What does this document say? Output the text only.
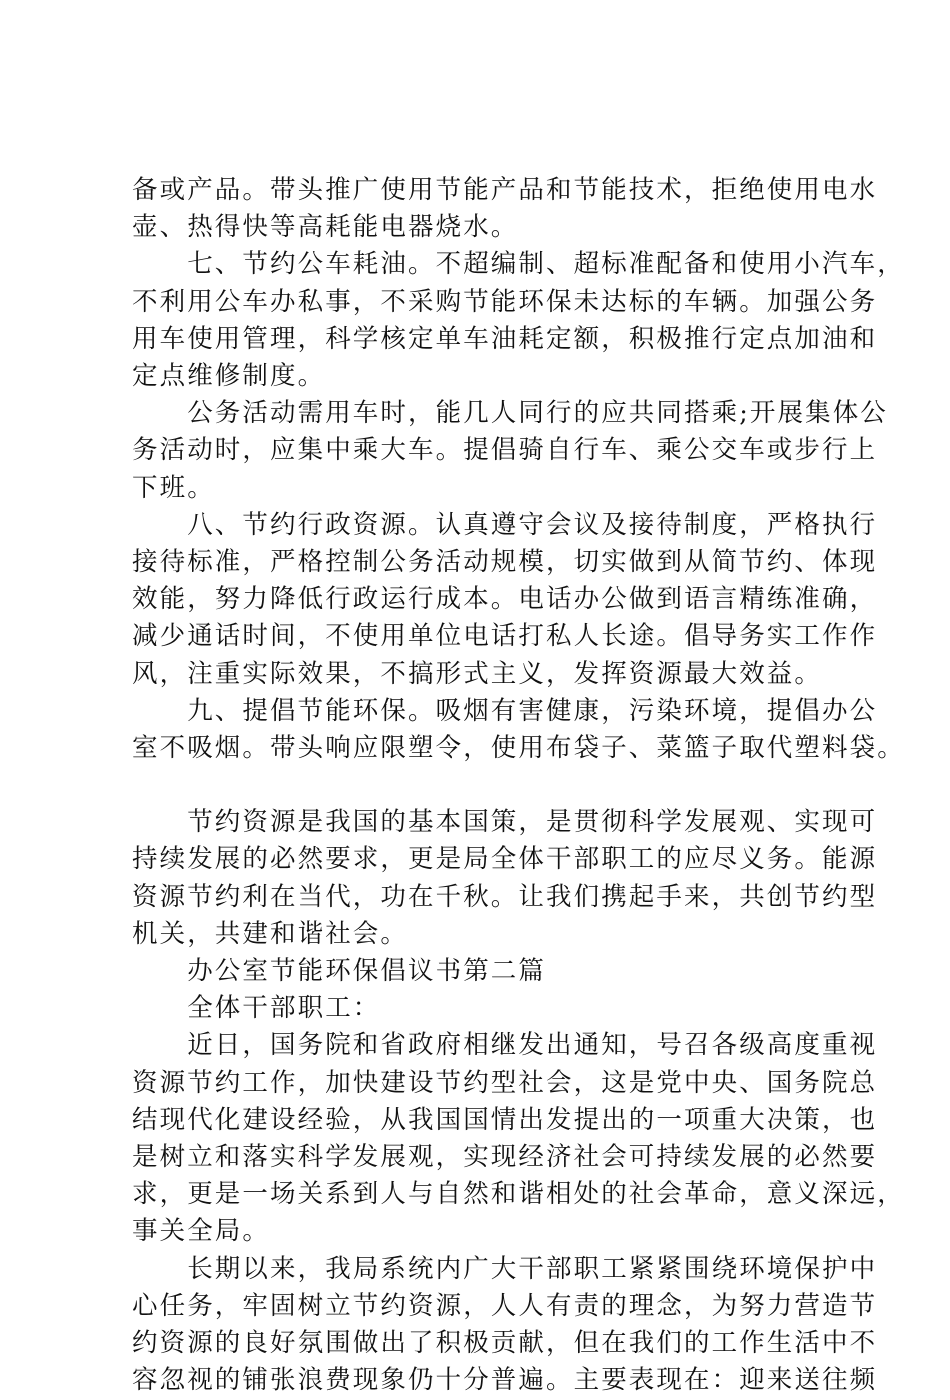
备或产品。带头推广使用节能产品和节能技术，拒绝使用电水
壶、热得快等高耗能电器烧水。
　　七、节约公车耗油。不超编制、超标准配备和使用小汽车，
不利用公车办私事，不采购节能环保未达标的车辆。加强公务
用车使用管理，科学核定单车油耗定额，积极推行定点加油和
定点维修制度。
　　公务活动需用车时，能几人同行的应共同搭乘;开展集体公
务活动时，应集中乘大车。提倡骑自行车、乘公交车或步行上
下班。
　　八、节约行政资源。认真遵守会议及接待制度，严格执行
接待标准，严格控制公务活动规模，切实做到从简节约、体现
效能，努力降低行政运行成本。电话办公做到语言精练准确，
减少通话时间，不使用单位电话打私人长途。倡导务实工作作
风，注重实际效果，不搞形式主义，发挥资源最大效益。
　　九、提倡节能环保。吸烟有害健康，污染环境，提倡办公
室不吸烟。带头响应限塑令，使用布袋子、菜篮子取代塑料袋。
　　节约资源是我国的基本国策，是贯彻科学发展观、实现可
持续发展的必然要求，更是局全体干部职工的应尽义务。能源
资源节约利在当代，功在千秋。让我们携起手来，共创节约型
机关，共建和谐社会。
　　办公室节能环保倡议书第二篇
　　全体干部职工：
　　近日，国务院和省政府相继发出通知，号召各级高度重视
资源节约工作，加快建设节约型社会，这是党中央、国务院总
结现代化建设经验，从我国国情出发提出的一项重大决策，也
是树立和落实科学发展观，实现经济社会可持续发展的必然要
求，更是一场关系到人与自然和谐相处的社会革命，意义深远，
事关全局。
　　长期以来，我局系统内广大干部职工紧紧围绕环境保护中
心任务，牢固树立节约资源，人人有责的理念，为努力营造节
约资源的良好氛围做出了积极贡献，但在我们的工作生活中不
容忽视的铺张浪费现象仍十分普遍。主要表现在：迎来送往频
